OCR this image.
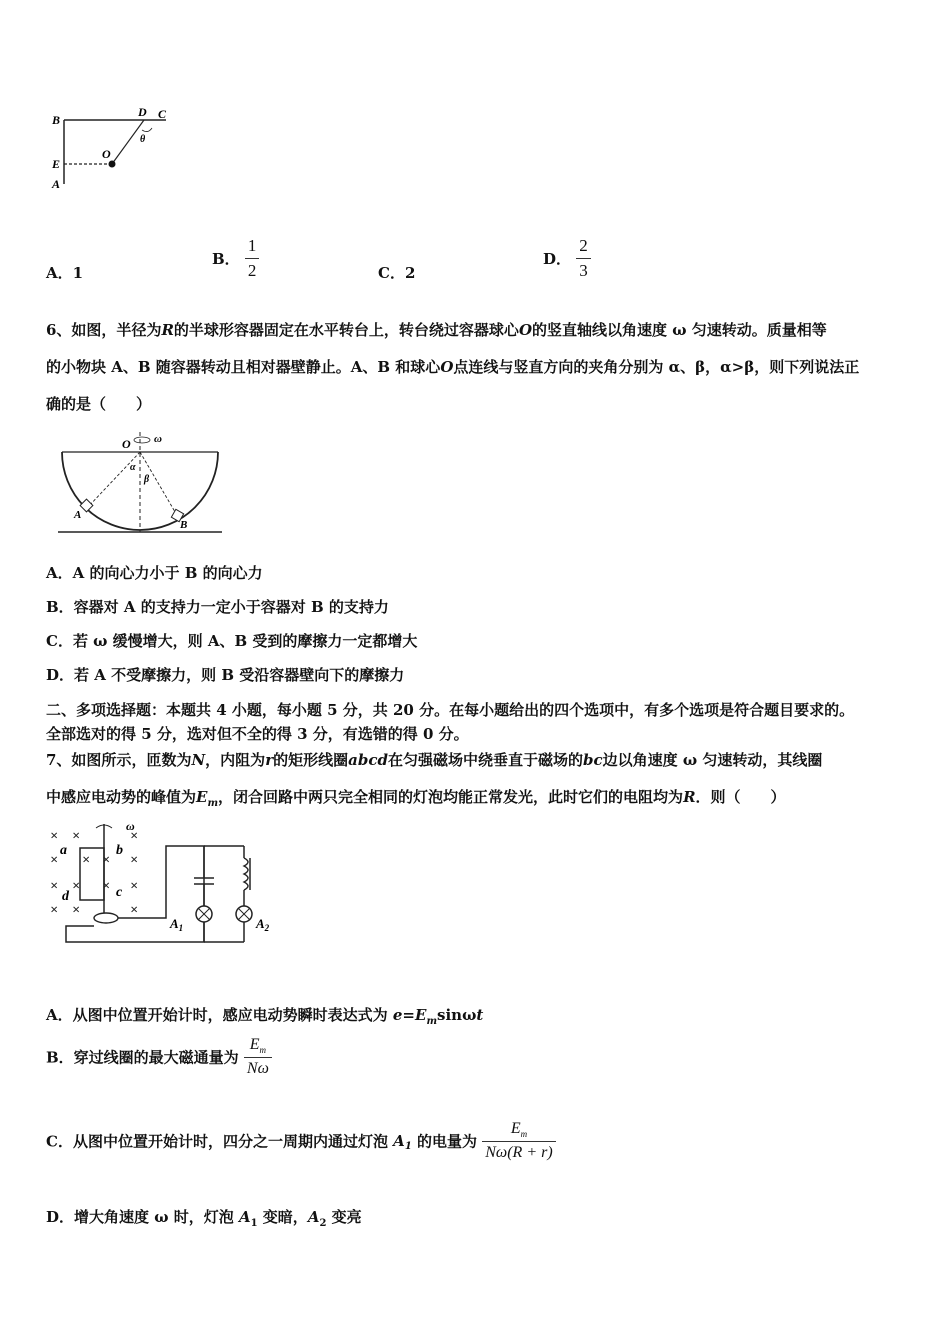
B
D C
E
A
O
θ
A．1
B． $\frac{1}{2}$	C．2
D． $\frac{2}{3}$
6、如图，半径为R的半球形容器固定在水平转台上，转台绕过容器球心O的竖直轴线以角速度 ω 匀速转动。质量相等
的小物块 A、B 随容器转动且相对器壁静止。A、B 和球心O点连线与竖直方向的夹角分别为 α、β，α>β，则下列说法正
确的是（　　）
O ω
α
β
A
B
A．A 的向心力小于 B 的向心力
B．容器对 A 的支持力一定小于容器对 B 的支持力
C．若 ω 缓慢增大，则 A、B 受到的摩擦力一定都增大
D．若 A 不受摩擦力，则 B 受沿容器壁向下的摩擦力
二、多项选择题：本题共 4 小题，每小题 5 分，共 20 分。在每小题给出的四个选项中，有多个选项是符合题目要求的。
全部选对的得 5 分，选对但不全的得 3 分，有选错的得 0 分。
7、如图所示，匝数为N，内阻为r的矩形线圈abcd在匀强磁场中绕垂直于磁场的bc边以角速度 ω 匀速转动，其线圈
中感应电动势的峰值为$E_m$，闭合回路中两只完全相同的灯泡均能正常发光，此时它们的电阻均为R．则（　　）
× ×	×
× × × ×
× × × ×
× ×	×
ω
a	b
c
d
$A_1$	$A_2$
A．从图中位置开始计时，感应电动势瞬时表达式为 $e=E_m\sin\omega t$
B．穿过线圈的最大磁通量为 $\frac{E_m}{N\omega}$
C．从图中位置开始计时，四分之一周期内通过灯泡 $A_1$ 的电量为 $\frac{E_m}{N\omega(R + r)}$
D．增大角速度 ω 时，灯泡 $A_1$ 变暗，$A_2$ 变亮
